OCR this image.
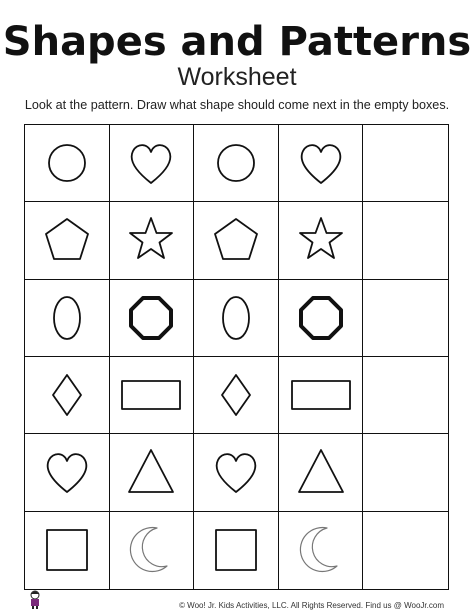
Shapes and Patterns
Worksheet
Look at the pattern. Draw what shape should come next in the empty boxes.
© Woo! Jr. Kids Activities, LLC. All Rights Reserved. Find us @ WooJr.com
